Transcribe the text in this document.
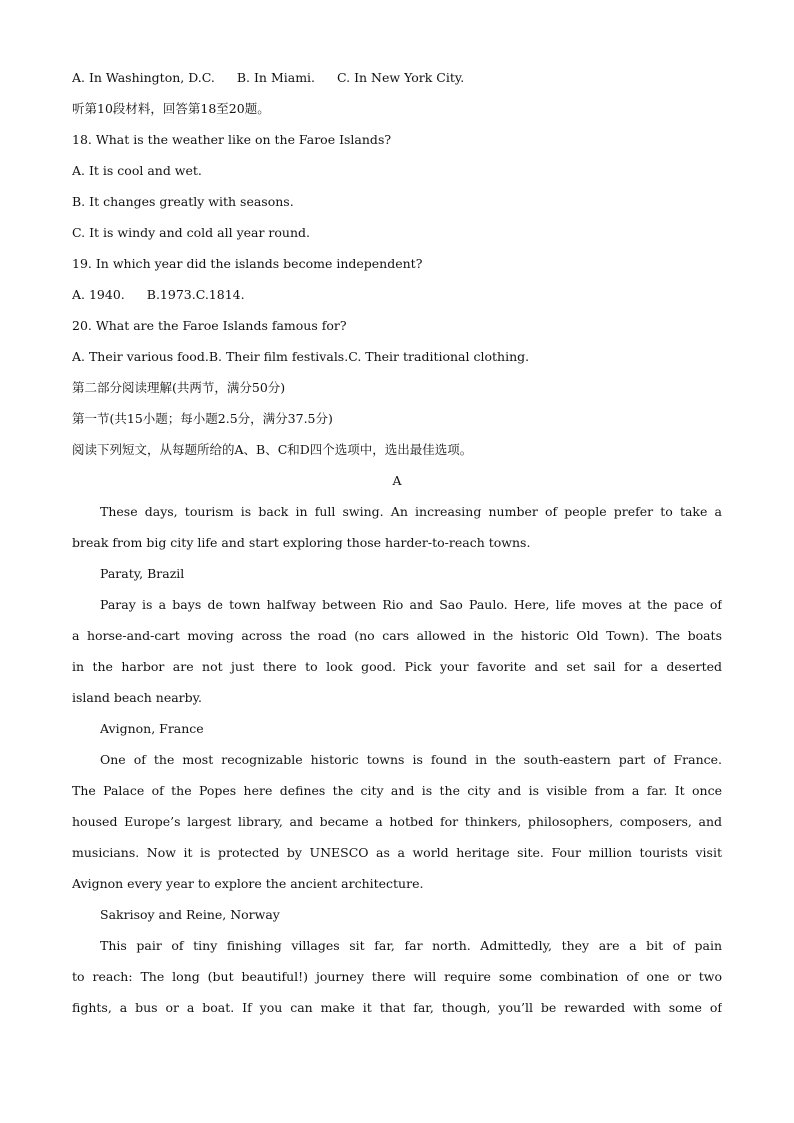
A. In Washington, D.C. B. In Miami. C. In New York City.
听第10段材料，回答第18至20题。
18. What is the weather like on the Faroe Islands?
A. It is cool and wet.
B. It changes greatly with seasons.
C. It is windy and cold all year round.
19. In which year did the islands become independent?
A. 1940. B.1973.C.1814.
20. What are the Faroe Islands famous for?
A. Their various food.B. Their film festivals.C. Their traditional clothing.
第二部分阅读理解(共两节，满分50分)
第一节(共15小题；每小题2.5分，满分37.5分)
阅读下列短文，从每题所给的A、B、C和D四个选项中，选出最佳选项。
A
These days, tourism is back in full swing. An increasing number of people prefer to take a
break from big city life and start exploring those harder-to-reach towns.
Paraty, Brazil
Paray is a bays de town halfway between Rio and Sao Paulo. Here, life moves at the pace of
a horse-and-cart moving across the road (no cars allowed in the historic Old Town). The boats
in the harbor are not just there to look good. Pick your favorite and set sail for a deserted
island beach nearby.
Avignon, France
One of the most recognizable historic towns is found in the south-eastern part of France.
The Palace of the Popes here defines the city and is the city and is visible from a far. It once
housed Europe’s largest library, and became a hotbed for thinkers, philosophers, composers, and
musicians. Now it is protected by UNESCO as a world heritage site. Four million tourists visit
Avignon every year to explore the ancient architecture.
Sakrisoy and Reine, Norway
This pair of tiny finishing villages sit far, far north. Admittedly, they are a bit of pain
to reach: The long (but beautiful!) journey there will require some combination of one or two
fights, a bus or a boat. If you can make it that far, though, you’ll be rewarded with some of
